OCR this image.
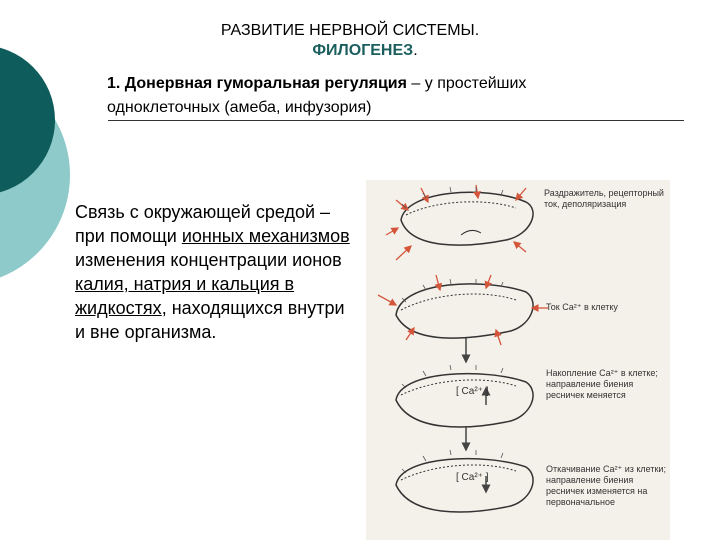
РАЗВИТИЕ НЕРВНОЙ СИСТЕМЫ.
ФИЛОГЕНЕЗ.
1. Донервная гуморальная регуляция – у простейших
одноклеточных (амеба, инфузория)
Связь с окружающей средой – при помощи ионных механизмов изменения концентрации ионов калия, натрия и кальция в жидкостях, находящихся внутри и вне организма.
Раздражитель, рецепторный ток, деполяризация
Ток Ca²⁺ в клетку
Накопление Ca²⁺ в клетке; направление биения ресничек меняется
Откачивание Ca²⁺ из клетки; направление биения ресничек изменяется на первоначальное
[ Ca²⁺ ]
[ Ca²⁺ ]
